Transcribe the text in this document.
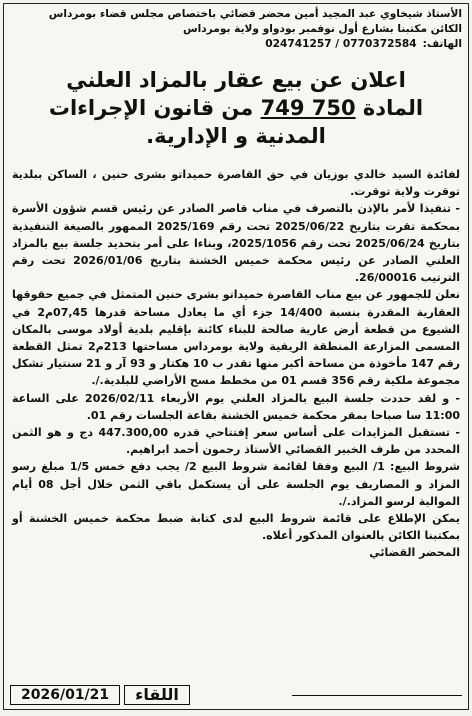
الأستاذ شيخاوي عبد المجيد أمين محضر قضائي باختصاص مجلس قضاء بومرداس
الكائن مكتبنا بشارع أول نوفمبر بودواو ولاية بومرداس
الهاتف:
024741257 / 0770372584
اعلان عن بيع عقار بالمزاد العلني
المادة 749 750 من قانون الإجراءات
المدنية و الإدارية.

لفائدة السيد خالدي بوزيان في حق القاصرة حميداتو بشرى حنين ، الساكن ببلدية توقرت ولاية توقرت.

- تنفيذا لأمر بالإذن بالتصرف في مناب قاصر الصادر عن رئيس قسم شؤون الأسرة بمحكمة تقرت بتاريخ 2025/06/22 تحت رقم 2025/169 الممهور بالصيغة التنفيذية بتاريخ 2025/06/24 تحت رقم 2025/1056، وبناءا على أمر بتحديد جلسة بيع بالمزاد العلني الصادر عن رئيس محكمة خميس الخشنة بتاريخ 2026/01/06 تحت رقم الترتيب 26/00016.

نعلن للجمهور عن بيع مناب القاصرة حميداتو بشرى حنين المتمثل في جميع حقوقها العقارية المقدرة بنسبة 14/400 جزء أي ما يعادل مساحة قدرها 07,45م2 في الشيوع من قطعة أرض عارية صالحة للبناء كائنة بإقليم بلدية أولاد موسى بالمكان المسمى المزارعة المنطقة الريفية ولاية بومرداس مساحتها 213م2 تمثل القطعة رقم 147 مأخوذة من مساحة أكبر منها تقدر ب 10 هكتار و 93 آر و 21 سنتيار تشكل مجموعة ملكية رقم 356 قسم 01 من مخطط مسح الأراضي للبلدية./.

- و لقد حددت جلسة البيع بالمزاد العلني يوم الأربعاء 2026/02/11 على الساعة 11:00 سا صباحا بمقر محكمة خميس الخشنة بقاعة الجلسات رقم 01.

- تستقبل المزايدات على أساس سعر إفتتاحي قدره 447.300,00 دج و هو الثمن المحدد من طرف الخبير القضائي الأستاذ رحمون أحمد ابراهيم.

شروط البيع: 1/ البيع وفقا لقائمة شروط البيع 2/ يجب دفع خمس 1/5 مبلغ رسو المزاد و المصاريف يوم الجلسة على أن يستكمل باقي الثمن خلال أجل 08 أيام الموالية لرسو المزاد./.

يمكن الإطلاع على قائمة شروط البيع لدى كتابة ضبط محكمة خميس الخشنة أو بمكتبنا الكائن بالعنوان المذكور أعلاه.

المحضر القضائي

2026/01/21	اللقاء
